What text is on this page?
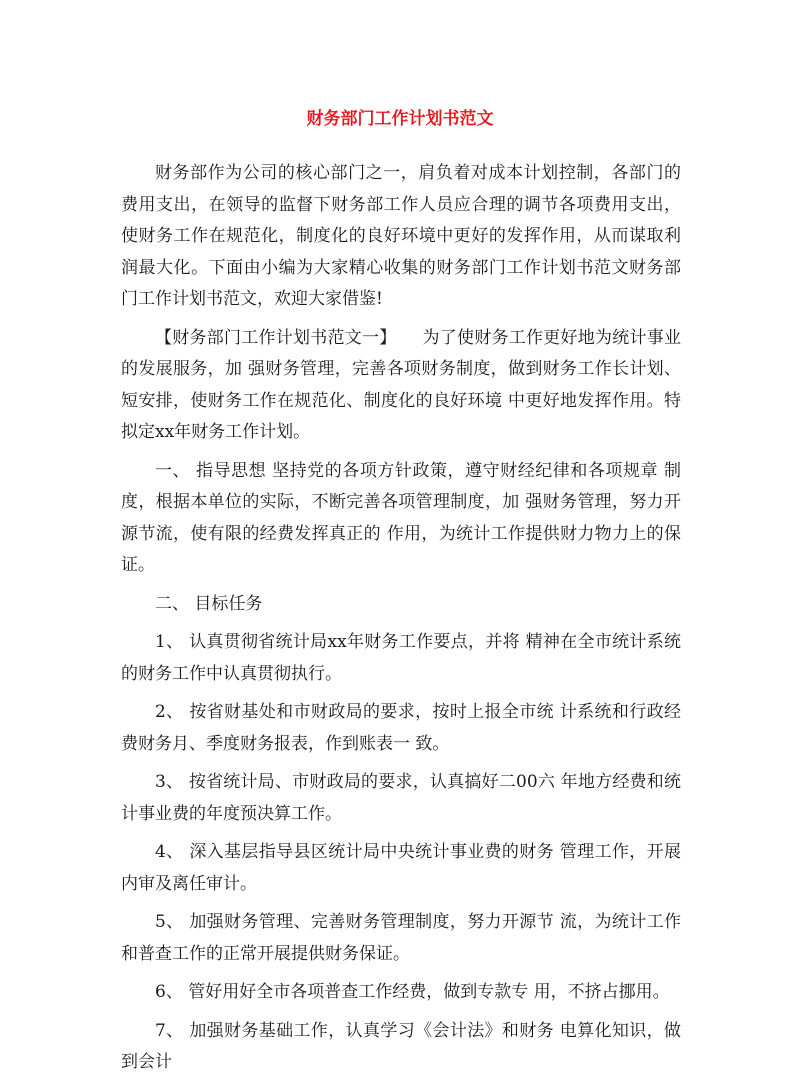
财务部门工作计划书范文

财务部作为公司的核心部门之一，肩负着对成本计划控制，各部门的费用支出，在领导的监督下财务部工作人员应合理的调节各项费用支出，使财务工作在规范化，制度化的良好环境中更好的发挥作用，从而谋取利润最大化。下面由小编为大家精心收集的财务部门工作计划书范文财务部门工作计划书范文，欢迎大家借鉴!

【财务部门工作计划书范文一】　　为了使财务工作更好地为统计事业的发展服务，加 强财务管理，完善各项财务制度，做到财务工作长计划、短安排，使财务工作在规范化、制度化的良好环境 中更好地发挥作用。特拟定xx年财务工作计划。

一、 指导思想 坚持党的各项方针政策，遵守财经纪律和各项规章 制度，根据本单位的实际，不断完善各项管理制度，加 强财务管理，努力开源节流，使有限的经费发挥真正的 作用，为统计工作提供财力物力上的保证。

二、 目标任务

1、 认真贯彻省统计局xx年财务工作要点，并将 精神在全市统计系统的财务工作中认真贯彻执行。

2、 按省财基处和市财政局的要求，按时上报全市统 计系统和行政经费财务月、季度财务报表，作到账表一 致。

3、 按省统计局、市财政局的要求，认真搞好二00六 年地方经费和统计事业费的年度预决算工作。

4、 深入基层指导县区统计局中央统计事业费的财务 管理工作，开展内审及离任审计。

5、 加强财务管理、完善财务管理制度，努力开源节 流，为统计工作和普查工作的正常开展提供财务保证。

6、 管好用好全市各项普查工作经费，做到专款专 用，不挤占挪用。

7、 加强财务基础工作，认真学习《会计法》和财务 电算化知识，做到会计
